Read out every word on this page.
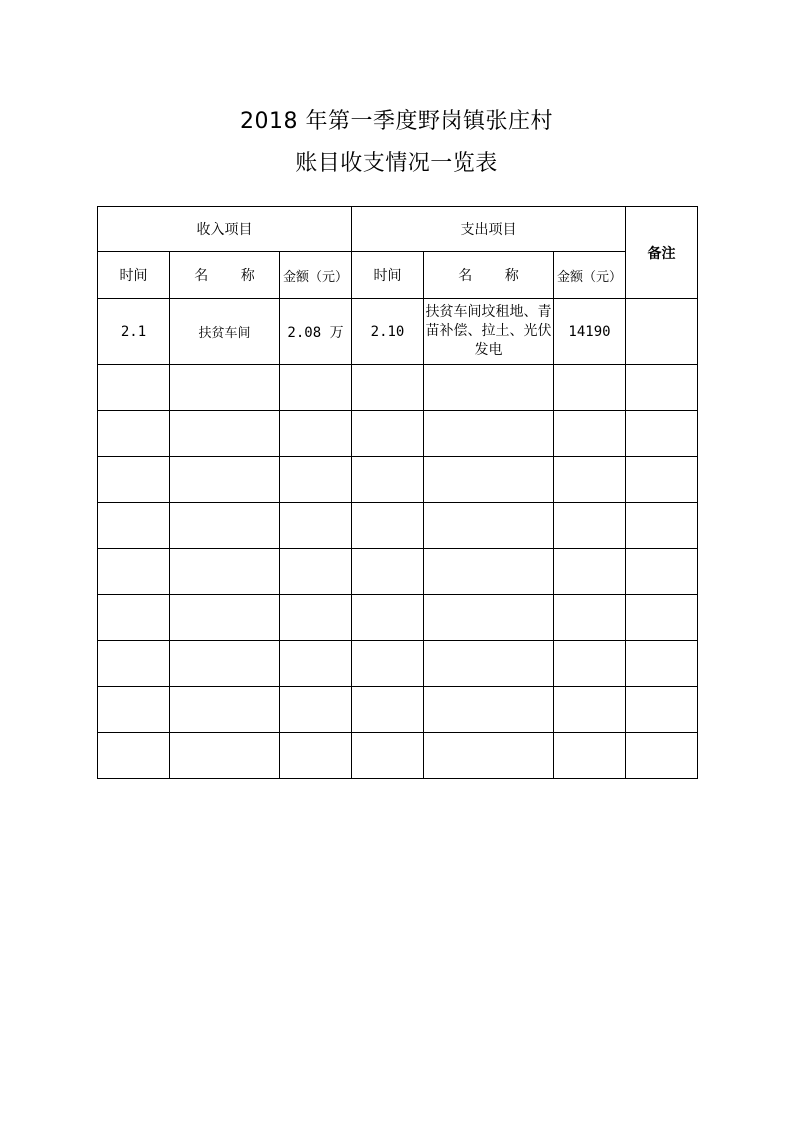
2018 年第一季度野岗镇张庄村
账目收支情况一览表
收入项目			支出项目			备注
时间	名 称	金额（元）	时间	名 称	金额（元）	
2.1	扶贫车间	2.08 万	2.10	扶贫车间坟租地、青苗补偿、拉土、光伏发电	14190	
